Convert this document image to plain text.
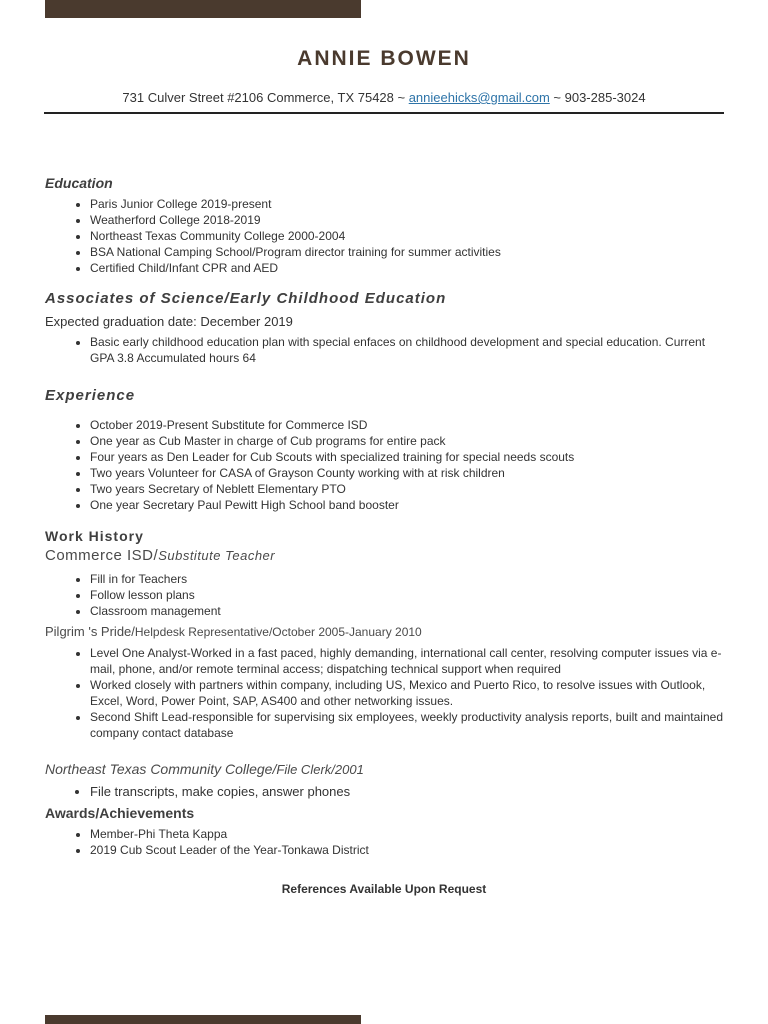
ANNIE BOWEN
731 Culver Street #2106 Commerce, TX 75428 ~ annieehicks@gmail.com ~ 903-285-3024
Education
• Paris Junior College 2019-present
• Weatherford College 2018-2019
• Northeast Texas Community College 2000-2004
• BSA National Camping School/Program director training for summer activities
• Certified Child/Infant CPR and AED
Associates of Science/Early Childhood Education
Expected graduation date: December 2019
• Basic early childhood education plan with special enfaces on childhood development and special education. Current GPA 3.8 Accumulated hours 64
Experience
• October 2019-Present Substitute for Commerce ISD
• One year as Cub Master in charge of Cub programs for entire pack
• Four years as Den Leader for Cub Scouts with specialized training for special needs scouts
• Two years Volunteer for CASA of Grayson County working with at risk children
• Two years Secretary of Neblett Elementary PTO
• One year Secretary Paul Pewitt High School band booster
Work History
Commerce ISD/Substitute Teacher
• Fill in for Teachers
• Follow lesson plans
• Classroom management
Pilgrim 's Pride/Helpdesk Representative/October 2005-January 2010
• Level One Analyst-Worked in a fast paced, highly demanding, international call center, resolving computer issues via e-mail, phone, and/or remote terminal access; dispatching technical support when required
• Worked closely with partners within company, including US, Mexico and Puerto Rico, to resolve issues with Outlook, Excel, Word, Power Point, SAP, AS400 and other networking issues.
• Second Shift Lead-responsible for supervising six employees, weekly productivity analysis reports, built and maintained company contact database
Northeast Texas Community College/File Clerk/2001
• File transcripts, make copies, answer phones
Awards/Achievements
• Member-Phi Theta Kappa
• 2019 Cub Scout Leader of the Year-Tonkawa District
References Available Upon Request
